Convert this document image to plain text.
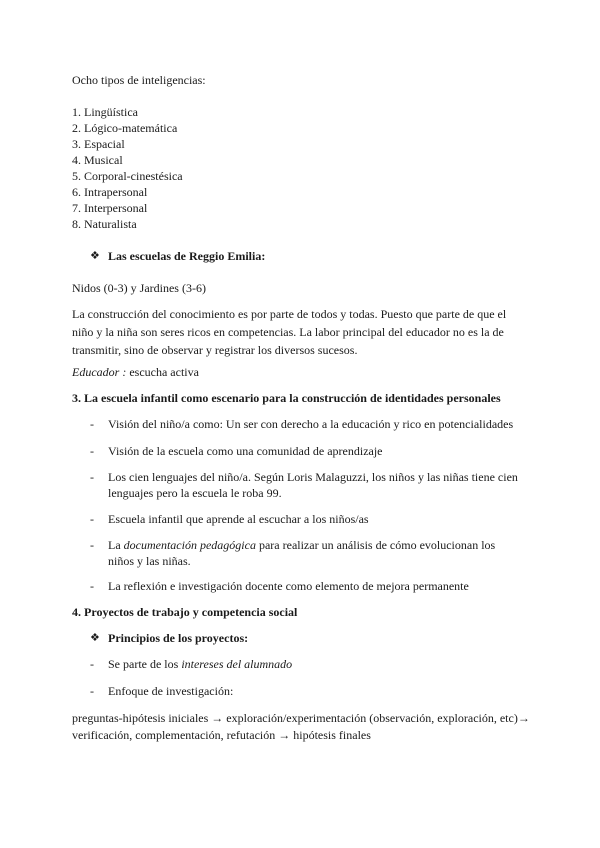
Ocho tipos de inteligencias:
1. Lingüística
2. Lógico-matemática
3. Espacial
4. Musical
5. Corporal-cinestésica
6. Intrapersonal
7. Interpersonal
8. Naturalista
❖ Las escuelas de Reggio Emilia:
Nidos (0-3) y Jardines (3-6)
La construcción del conocimiento es por parte de todos y todas. Puesto que parte de que el niño y la niña son seres ricos en competencias. La labor principal del educador no es la de transmitir, sino de observar y registrar los diversos sucesos.
Educador : escucha activa
3. La escuela infantil como escenario para la construcción de identidades personales
- Visión del niño/a como: Un ser con derecho a la educación y rico en potencialidades
- Visión de la escuela como una comunidad de aprendizaje
- Los cien lenguajes del niño/a. Según Loris Malaguzzi, los niños y las niñas tiene cien lenguajes pero la escuela le roba 99.
- Escuela infantil que aprende al escuchar a los niños/as
- La documentación pedagógica para realizar un análisis de cómo evolucionan los niños y las niñas.
- La reflexión e investigación docente como elemento de mejora permanente
4. Proyectos de trabajo y competencia social
❖ Principios de los proyectos:
- Se parte de los intereses del alumnado
- Enfoque de investigación:
preguntas-hipótesis iniciales → exploración/experimentación (observación, exploración, etc)→ verificación, complementación, refutación → hipótesis finales
